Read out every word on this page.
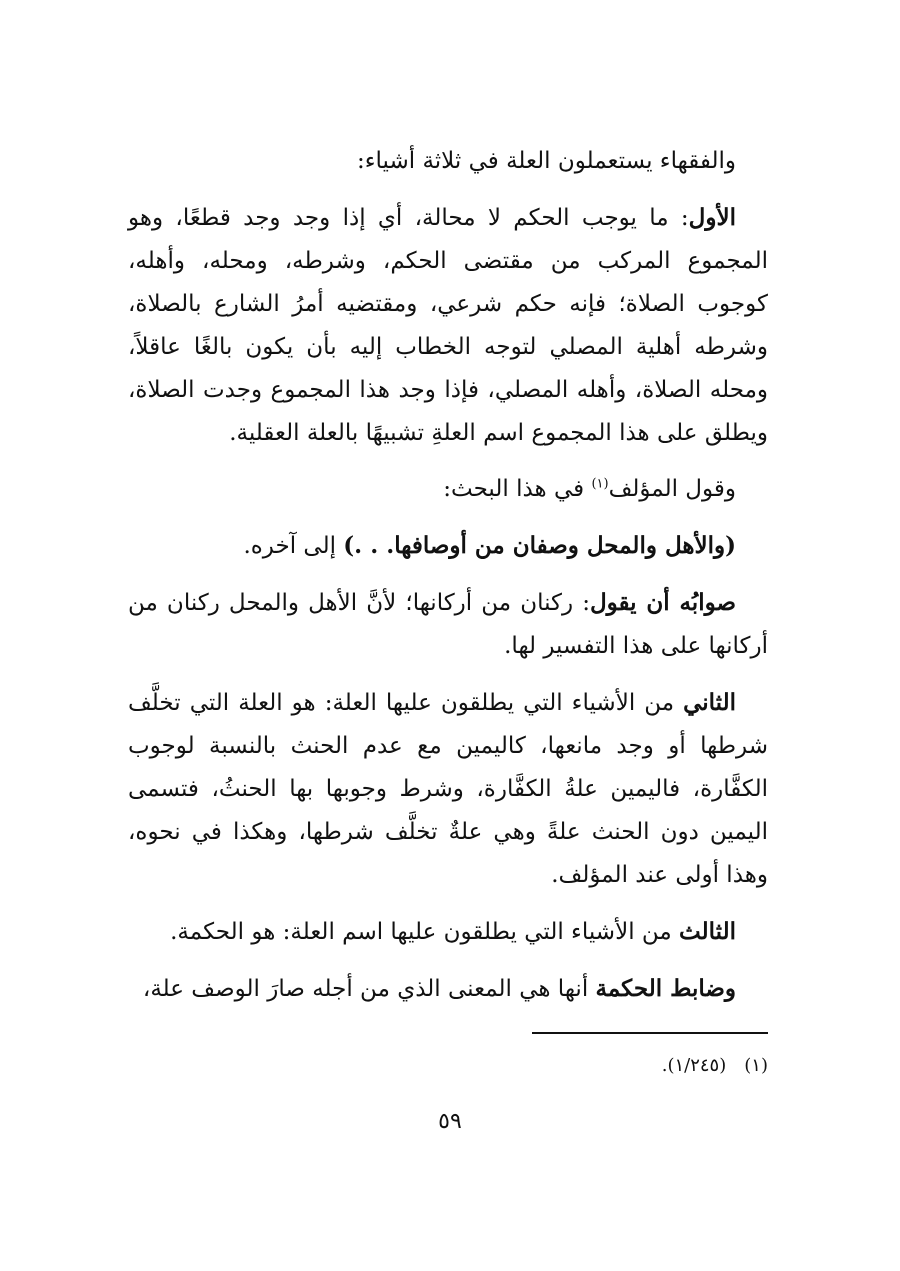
والفقهاء يستعملون العلة في ثلاثة أشياء:

الأول: ما يوجب الحكم لا محالة، أي إذا وجد وجد قطعًا، وهو المجموع المركب من مقتضى الحكم، وشرطه، ومحله، وأهله، كوجوب الصلاة؛ فإنه حكم شرعي، ومقتضيه أمرُ الشارع بالصلاة، وشرطه أهلية المصلي لتوجه الخطاب إليه بأن يكون بالغًا عاقلاً، ومحله الصلاة، وأهله المصلي، فإذا وجد هذا المجموع وجدت الصلاة، ويطلق على هذا المجموع اسم العلةِ تشبيهًا بالعلة العقلية.

وقول المؤلف$^{(١)}$ في هذا البحث:

(والأهل والمحل وصفان من أوصافها. . .) إلى آخره.

صوابُه أن يقول: ركنان من أركانها؛ لأنَّ الأهل والمحل ركنان من أركانها على هذا التفسير لها.

الثاني من الأشياء التي يطلقون عليها العلة: هو العلة التي تخلَّف شرطها أو وجد مانعها، كاليمين مع عدم الحنث بالنسبة لوجوب الكفَّارة، فاليمين علةُ الكفَّارة، وشرط وجوبها بها الحنثُ، فتسمى اليمين دون الحنث علةً وهي علةٌ تخلَّف شرطها، وهكذا في نحوه، وهذا أولى عند المؤلف.

الثالث من الأشياء التي يطلقون عليها اسم العلة: هو الحكمة.

وضابط الحكمة أنها هي المعنى الذي من أجله صارَ الوصف علة،

(١)(١/٢٤٥).
٥٩
